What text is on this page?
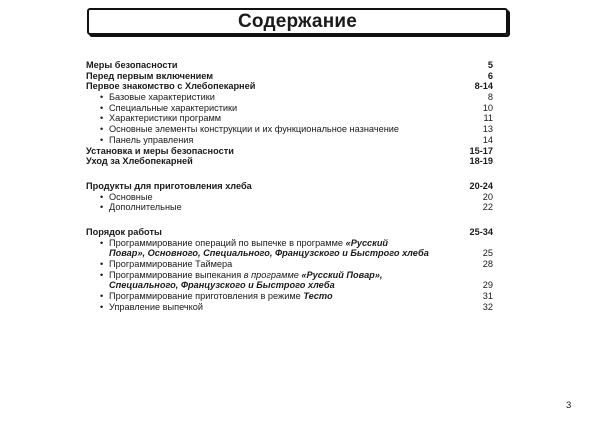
Содержание
Меры безопасности	5
Перед первым включением	6
Первое знакомство с Хлебопекарней	8-14
• Базовые характеристики	8
• Специальные характеристики	10
• Характеристики программ	11
• Основные элементы конструкции и их функциональное назначение	13
• Панель управления	14
Установка и меры безопасности	15-17
Уход за Хлебопекарней	18-19
Продукты для приготовления хлеба	20-24
• Основные	20
• Дополнительные	22
Порядок работы	25-34
• Программирование операций по выпечке в программе «Русский
Повар», Основного, Специального, Французского и Быстрого хлеба	25
• Программирование Таймера	28
• Программирование выпекания в программе «Русский Повар»,
Специального, Французского и Быстрого хлеба	29
• Программирование приготовления в режиме Тесто	31
• Управление выпечкой	32
3
